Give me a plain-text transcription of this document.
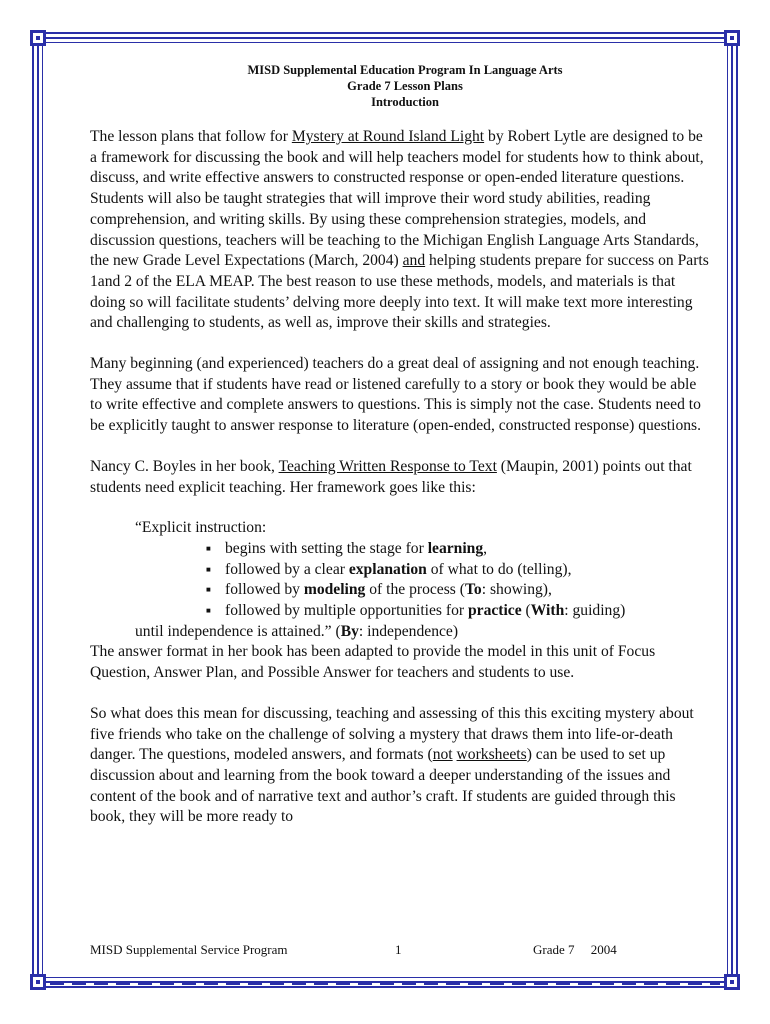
MISD Supplemental Education Program In Language Arts
Grade 7 Lesson Plans
Introduction

The lesson plans that follow for Mystery at Round Island Light by Robert Lytle are designed to be a framework for discussing the book and will help teachers model for students how to think about, discuss, and write effective answers to constructed response or open-ended literature questions. Students will also be taught strategies that will improve their word study abilities, reading comprehension, and writing skills. By using these comprehension strategies, models, and discussion questions, teachers will be teaching to the Michigan English Language Arts Standards, the new Grade Level Expectations (March, 2004) and helping students prepare for success on Parts 1and 2 of the ELA MEAP. The best reason to use these methods, models, and materials is that doing so will facilitate students’ delving more deeply into text. It will make text more interesting and challenging to students, as well as, improve their skills and strategies.

Many beginning (and experienced) teachers do a great deal of assigning and not enough teaching. They assume that if students have read or listened carefully to a story or book they would be able to write effective and complete answers to questions. This is simply not the case. Students need to be explicitly taught to answer response to literature (open-ended, constructed response) questions.

Nancy C. Boyles in her book, Teaching Written Response to Text (Maupin, 2001) points out that students need explicit teaching. Her framework goes like this:

“Explicit instruction:
■ begins with setting the stage for learning,
■ followed by a clear explanation of what to do (telling),
■ followed by modeling of the process (To: showing),
■ followed by multiple opportunities for practice (With: guiding)
until independence is attained.” (By: independence)

The answer format in her book has been adapted to provide the model in this unit of Focus Question, Answer Plan, and Possible Answer for teachers and students to use.

So what does this mean for discussing, teaching and assessing of this this exciting mystery about five friends who take on the challenge of solving a mystery that draws them into life-or-death danger. The questions, modeled answers, and formats (not worksheets) can be used to set up discussion about and learning from the book toward a deeper understanding of the issues and content of the book and of narrative text and author’s craft. If students are guided through this book, they will be more ready to

MISD Supplemental Service Program	1	Grade 7     2004
